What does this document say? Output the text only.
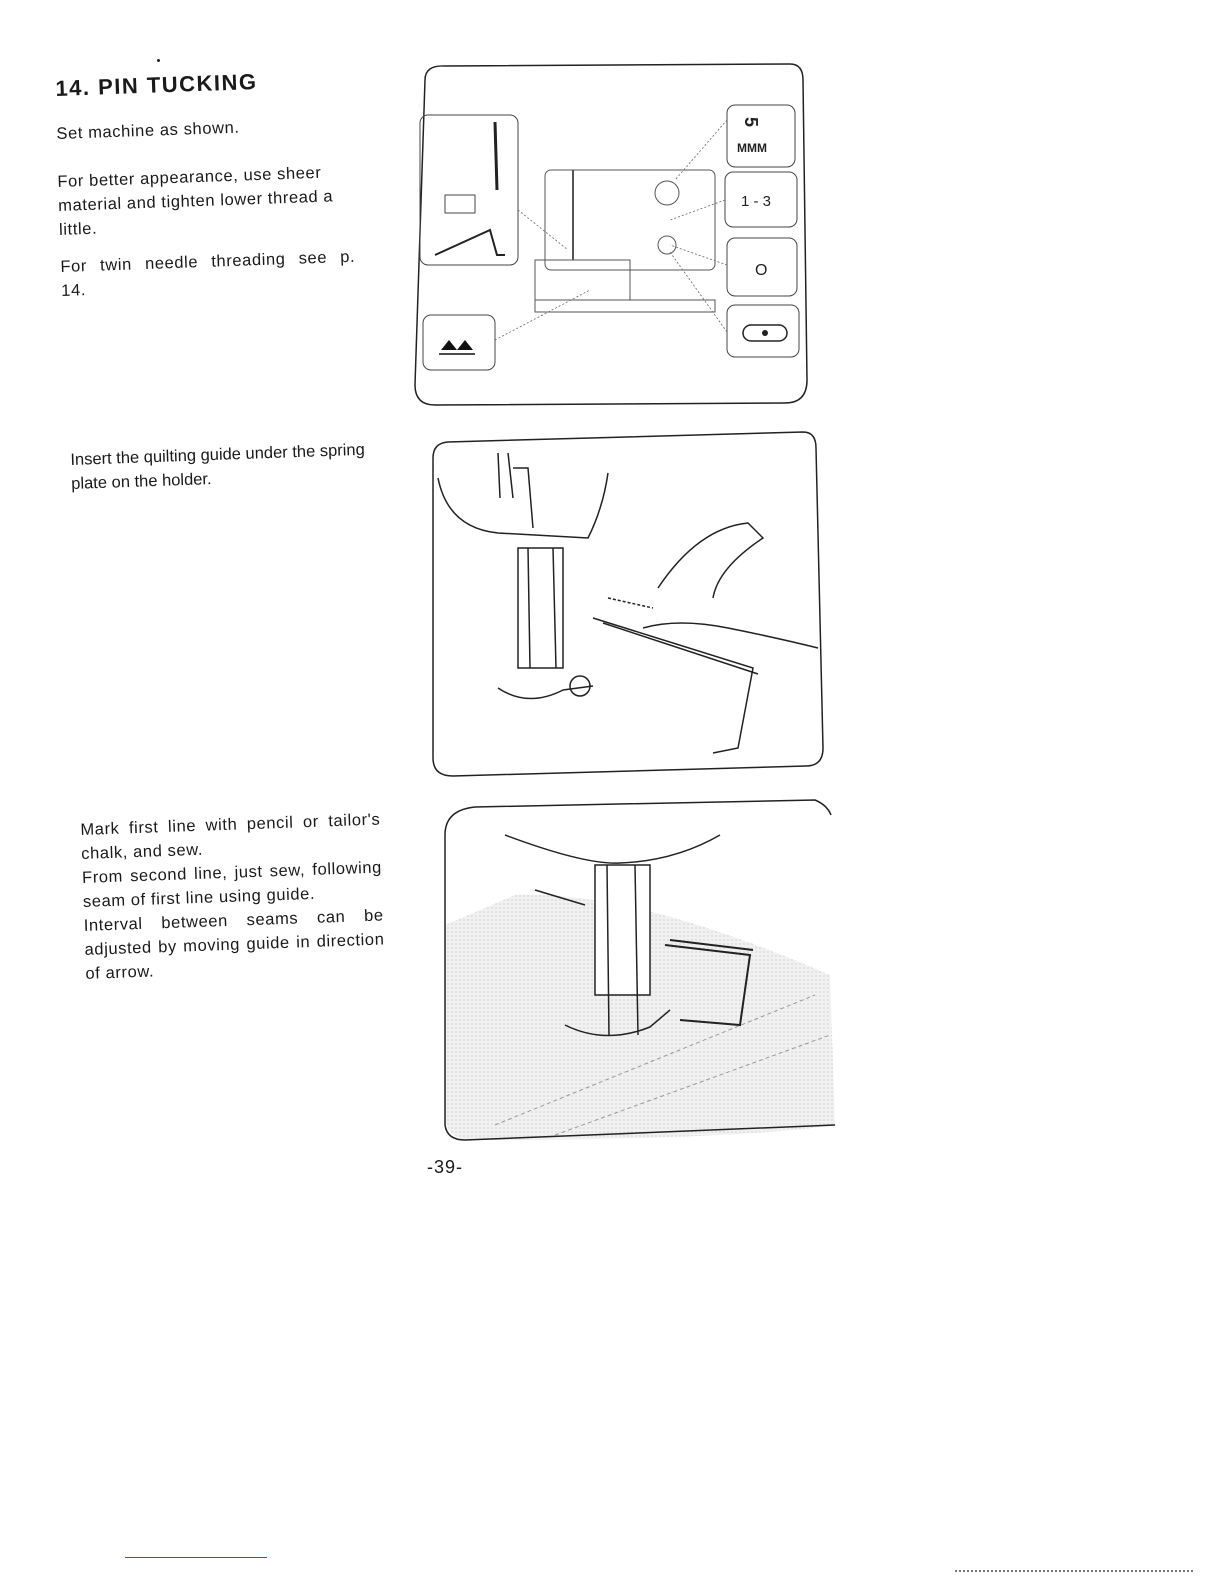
14. PIN TUCKING

Set machine as shown.

For better appearance, use sheer material and tighten lower thread a little.

For twin needle threading see p. 14.

Insert the quilting guide under the spring plate on the holder.

Mark first line with pencil or tailor's chalk, and sew.

From second line, just sew, following seam of first line using guide.

Interval between seams can be adjusted by moving guide in direction of arrow.

5
MMM
1 - 3
O
-39-
